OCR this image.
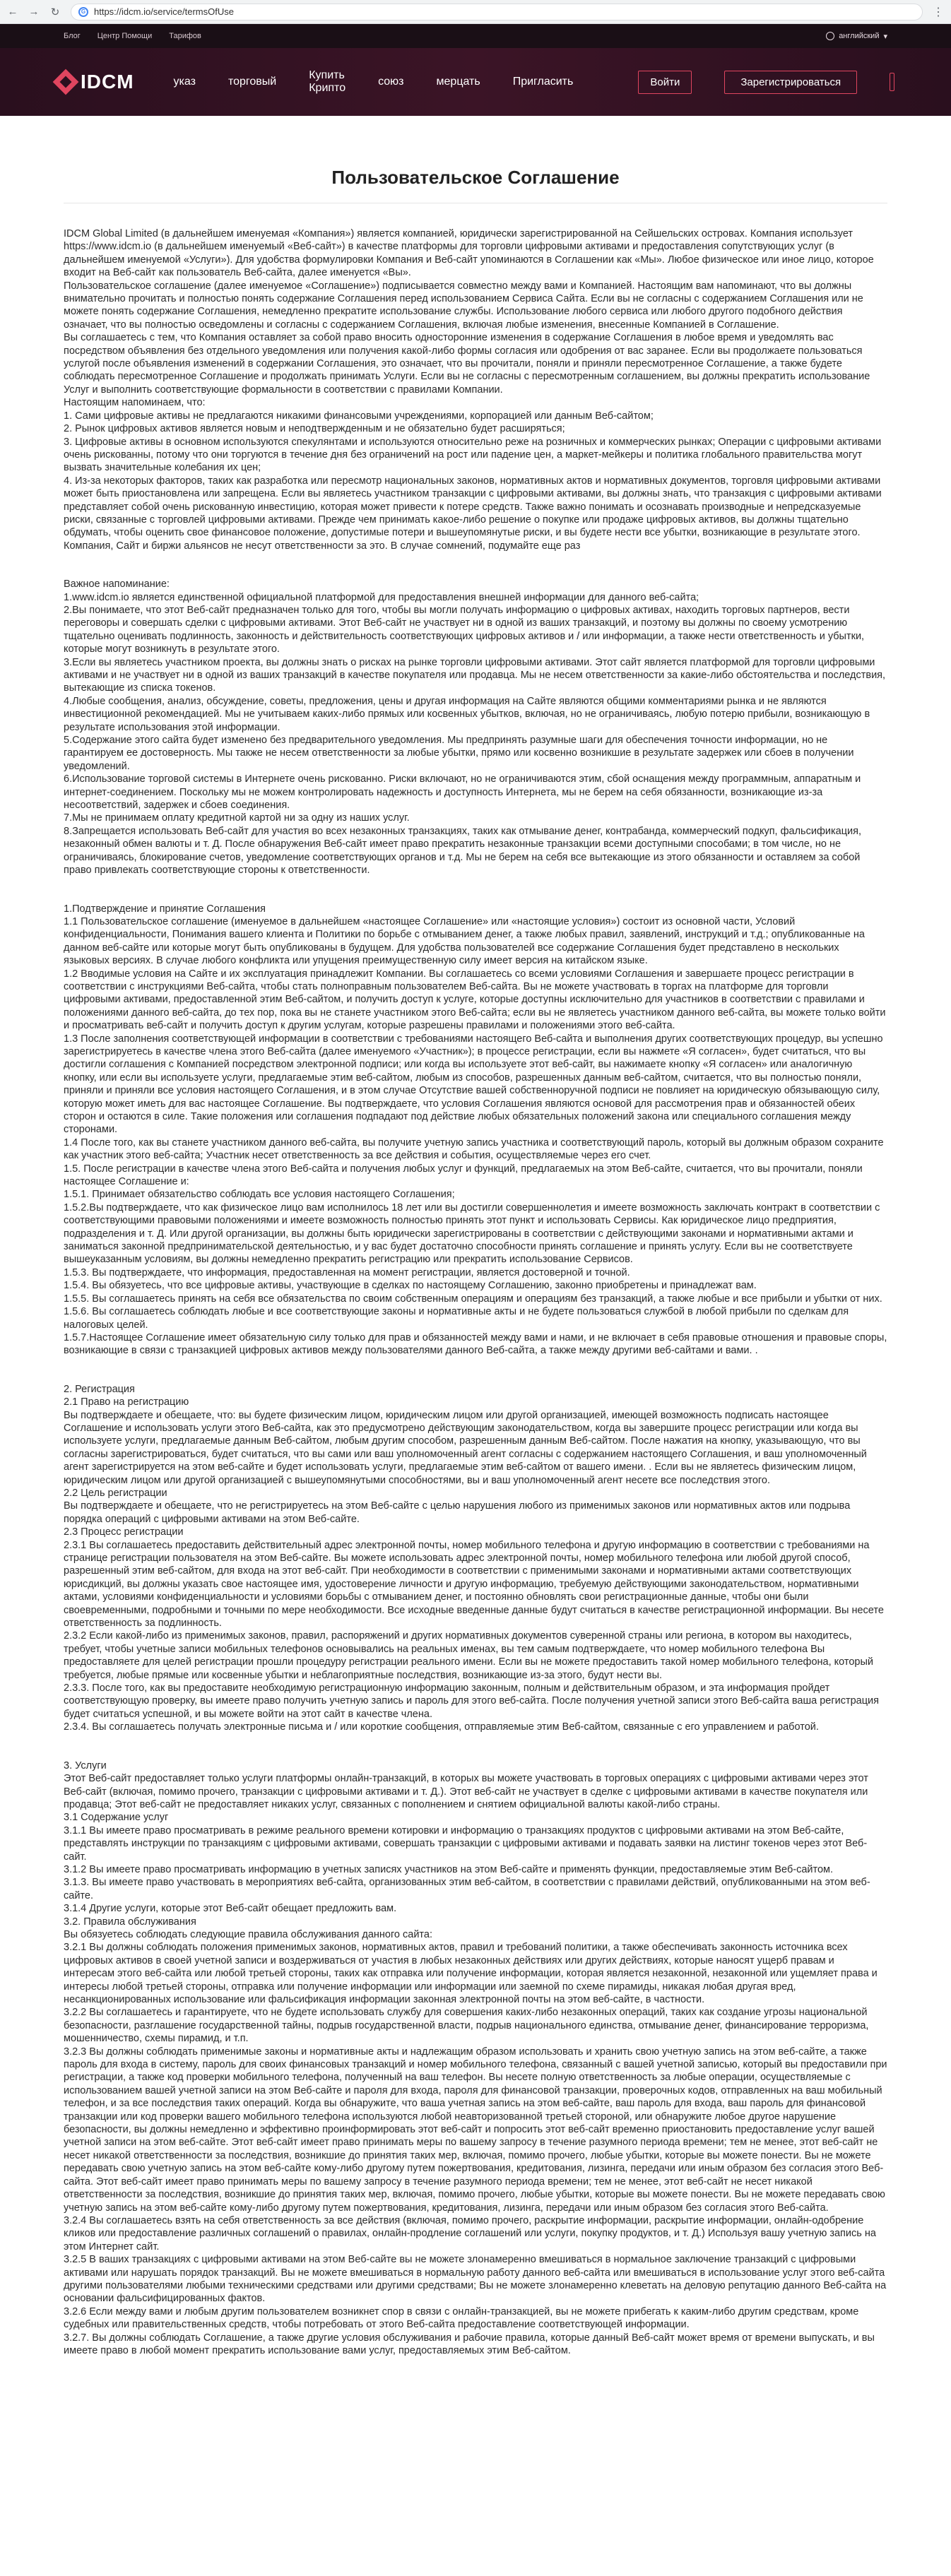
← → ↻	G https://idcm.io/service/termsOfUse	⋮
Блог Центр Помощи Тарифов	английский ▾
IDCM	указ	торговый
Купить Крипто
союз	мерцать	Пригласить	Войти	Зарегистрироваться
Пользовательское Соглашение

IDCM Global Limited (в дальнейшем именуемая «Компания») является компанией, юридически зарегистрированной на Сейшельских островах. Компания использует https://www.idcm.io (в дальнейшем именуемый «Веб-сайт») в качестве платформы для торговли цифровыми активами и предоставления сопутствующих услуг (в дальнейшем именуемой «Услуги»). Для удобства формулировки Компания и Веб-сайт упоминаются в Соглашении как «Мы». Любое физическое или иное лицо, которое входит на Веб-сайт как пользователь Веб-сайта, далее именуется «Вы».

Пользовательское соглашение (далее именуемое «Соглашение») подписывается совместно между вами и Компанией. Настоящим вам напоминают, что вы должны внимательно прочитать и полностью понять содержание Соглашения перед использованием Сервиса Сайта. Если вы не согласны с содержанием Соглашения или не можете понять содержание Соглашения, немедленно прекратите использование службы. Использование любого сервиса или любого другого подобного действия означает, что вы полностью осведомлены и согласны с содержанием Соглашения, включая любые изменения, внесенные Компанией в Соглашение.

Вы соглашаетесь с тем, что Компания оставляет за собой право вносить односторонние изменения в содержание Соглашения в любое время и уведомлять вас посредством объявления без отдельного уведомления или получения какой-либо формы согласия или одобрения от вас заранее. Если вы продолжаете пользоваться услугой после объявления изменений в содержании Соглашения, это означает, что вы прочитали, поняли и приняли пересмотренное Соглашение, а также будете соблюдать пересмотренное Соглашение и продолжать принимать Услуги. Если вы не согласны с пересмотренным соглашением, вы должны прекратить использование Услуг и выполнить соответствующие формальности в соответствии с правилами Компании.

Настоящим напоминаем, что:

1. Сами цифровые активы не предлагаются никакими финансовыми учреждениями, корпорацией или данным Веб-сайтом;

2. Рынок цифровых активов является новым и неподтвержденным и не обязательно будет расширяться;

3. Цифровые активы в основном используются спекулянтами и используются относительно реже на розничных и коммерческих рынках; Операции с цифровыми активами очень рискованны, потому что они торгуются в течение дня без ограничений на рост или падение цен, а маркет-мейкеры и политика глобального правительства могут вызвать значительные колебания их цен;

4. Из-за некоторых факторов, таких как разработка или пересмотр национальных законов, нормативных актов и нормативных документов, торговля цифровыми активами может быть приостановлена или запрещена. Если вы являетесь участником транзакции с цифровыми активами, вы должны знать, что транзакция с цифровыми активами представляет собой очень рискованную инвестицию, которая может привести к потере средств. Также важно понимать и осознавать производные и непредсказуемые риски, связанные с торговлей цифровыми активами. Прежде чем принимать какое-либо решение о покупке или продаже цифровых активов, вы должны тщательно обдумать, чтобы оценить свое финансовое положение, допустимые потери и вышеупомянутые риски, и вы будете нести все убытки, возникающие в результате этого. Компания, Сайт и биржи альянсов не несут ответственности за это. В случае сомнений, подумайте еще раз

Важное напоминание:

1.www.idcm.io является единственной официальной платформой для предоставления внешней информации для данного веб-сайта;

2.Вы понимаете, что этот Веб-сайт предназначен только для того, чтобы вы могли получать информацию о цифровых активах, находить торговых партнеров, вести переговоры и совершать сделки с цифровыми активами. Этот Веб-сайт не участвует ни в одной из ваших транзакций, и поэтому вы должны по своему усмотрению тщательно оценивать подлинность, законность и действительность соответствующих цифровых активов и / или информации, а также нести ответственность и убытки, которые могут возникнуть в результате этого.

3.Если вы являетесь участником проекта, вы должны знать о рисках на рынке торговли цифровыми активами. Этот сайт является платформой для торговли цифровыми активами и не участвует ни в одной из ваших транзакций в качестве покупателя или продавца. Мы не несем ответственности за какие-либо обстоятельства и последствия, вытекающие из списка токенов.

4.Любые сообщения, анализ, обсуждение, советы, предложения, цены и другая информация на Сайте являются общими комментариями рынка и не являются инвестиционной рекомендацией. Мы не учитываем каких-либо прямых или косвенных убытков, включая, но не ограничиваясь, любую потерю прибыли, возникающую в результате использования этой информации.

5.Содержание этого сайта будет изменено без предварительного уведомления. Мы предпринять разумные шаги для обеспечения точности информации, но не гарантируем ее достоверность. Мы также не несем ответственности за любые убытки, прямо или косвенно возникшие в результате задержек или сбоев в получении уведомлений.

6.Использование торговой системы в Интернете очень рискованно. Риски включают, но не ограничиваются этим, сбой оснащения между программным, аппаратным и интернет-соединением. Поскольку мы не можем контролировать надежность и доступность Интернета, мы не берем на себя обязанности, возникающие из-за несоответствий, задержек и сбоев соединения.

7.Мы не принимаем оплату кредитной картой ни за одну из наших услуг.

8.Запрещается использовать Веб-сайт для участия во всех незаконных транзакциях, таких как отмывание денег, контрабанда, коммерческий подкуп, фальсификация, незаконный обмен валюты и т. Д. После обнаружения Веб-сайт имеет право прекратить незаконные транзакции всеми доступными способами; в том числе, но не ограничиваясь, блокирование счетов, уведомление соответствующих органов и т.д. Мы не берем на себя все вытекающие из этого обязанности и оставляем за собой право привлекать соответствующие стороны к ответственности.

1.Подтверждение и принятие Соглашения

1.1 Пользовательское соглашение (именуемое в дальнейшем «настоящее Соглашение» или «настоящие условия») состоит из основной части, Условий конфиденциальности, Понимания вашего клиента и Политики по борьбе с отмыванием денег, а также любых правил, заявлений, инструкций и т.д.; опубликованные на данном веб-сайте или которые могут быть опубликованы в будущем. Для удобства пользователей все содержание Соглашения будет представлено в нескольких языковых версиях. В случае любого конфликта или упущения преимущественную силу имеет версия на китайском языке.

1.2 Вводимые условия на Сайте и их эксплуатация принадлежит Компании. Вы соглашаетесь со всеми условиями Соглашения и завершаете процесс регистрации в соответствии с инструкциями Веб-сайта, чтобы стать полноправным пользователем Веб-сайта. Вы не можете участвовать в торгах на платформе для торговли цифровыми активами, предоставленной этим Веб-сайтом, и получить доступ к услуге, которые доступны исключительно для участников в соответствии с правилами и положениями данного веб-сайта, до тех пор, пока вы не станете участником этого Веб-сайта; если вы не являетесь участником данного веб-сайта, вы можете только войти и просматривать веб-сайт и получить доступ к другим услугам, которые разрешены правилами и положениями этого веб-сайта.

1.3 После заполнения соответствующей информации в соответствии с требованиями настоящего Веб-сайта и выполнения других соответствующих процедур, вы успешно зарегистрируетесь в качестве члена этого Веб-сайта (далее именуемого «Участник»); в процессе регистрации, если вы нажмете «Я согласен», будет считаться, что вы достигли соглашения с Компанией посредством электронной подписи; или когда вы используете этот веб-сайт, вы нажимаете кнопку «Я согласен» или аналогичную кнопку, или если вы используете услуги, предлагаемые этим веб-сайтом, любым из способов, разрешенных данным веб-сайтом, считается, что вы полностью поняли, приняли и приняли все условия настоящего Соглашения, и в этом случае Отсутствие вашей собственноручной подписи не повлияет на юридическую обязывающую силу, которую может иметь для вас настоящее Соглашение. Вы подтверждаете, что условия Соглашения являются основой для рассмотрения прав и обязанностей обеих сторон и остаются в силе. Такие положения или соглашения подпадают под действие любых обязательных положений закона или специального соглашения между сторонами.

1.4 После того, как вы станете участником данного веб-сайта, вы получите учетную запись участника и соответствующий пароль, который вы должным образом сохраните как участник этого веб-сайта; Участник несет ответственность за все действия и события, осуществляемые через его счет.

1.5. После регистрации в качестве члена этого Веб-сайта и получения любых услуг и функций, предлагаемых на этом Веб-сайте, считается, что вы прочитали, поняли настоящее Соглашение и:

1.5.1. Принимает обязательство соблюдать все условия настоящего Соглашения;

1.5.2.Вы подтверждаете, что как физическое лицо вам исполнилось 18 лет или вы достигли совершеннолетия и имеете возможность заключать контракт в соответствии с соответствующими правовыми положениями и имеете возможность полностью принять этот пункт и использовать Сервисы. Как юридическое лицо предприятия, подразделения и т. Д. Или другой организации, вы должны быть юридически зарегистрированы в соответствии с действующими законами и нормативными актами и заниматься законной предпринимательской деятельностью, и у вас будет достаточно способности принять соглашение и принять услугу. Если вы не соответствуете вышеуказанным условиям, вы должны немедленно прекратить регистрацию или прекратить использование Сервисов.

1.5.3. Вы подтверждаете, что информация, предоставленная на момент регистрации, является достоверной и точной.

1.5.4. Вы обязуетесь, что все цифровые активы, участвующие в сделках по настоящему Соглашению, законно приобретены и принадлежат вам.

1.5.5. Вы соглашаетесь принять на себя все обязательства по своим собственным операциям и операциям без транзакций, а также любые и все прибыли и убытки от них.

1.5.6. Вы соглашаетесь соблюдать любые и все соответствующие законы и нормативные акты и не будете пользоваться службой в любой прибыли по сделкам для налоговых целей.

1.5.7.Настоящее Соглашение имеет обязательную силу только для прав и обязанностей между вами и нами, и не включает в себя правовые отношения и правовые споры, возникающие в связи с транзакцией цифровых активов между пользователями данного Веб-сайта, а также между другими веб-сайтами и вами. .

2. Регистрация

2.1 Право на регистрацию

Вы подтверждаете и обещаете, что: вы будете физическим лицом, юридическим лицом или другой организацией, имеющей возможность подписать настоящее Соглашение и использовать услуги этого Веб-сайта, как это предусмотрено действующим законодательством, когда вы завершите процесс регистрации или когда вы используете услуги, предлагаемые данным Веб-сайтом, любым другим способом, разрешенным данным Веб-сайтом. После нажатия на кнопку, указывающую, что вы согласны зарегистрироваться, будет считаться, что вы сами или ваш уполномоченный агент согласны с содержанием настоящего Соглашения, и ваш уполномоченный агент зарегистрируется на этом веб-сайте и будет использовать услуги, предлагаемые этим веб-сайтом от вашего имени. . Если вы не являетесь физическим лицом, юридическим лицом или другой организацией с вышеупомянутыми способностями, вы и ваш уполномоченный агент несете все последствия этого.

2.2 Цель регистрации

Вы подтверждаете и обещаете, что не регистрируетесь на этом Веб-сайте с целью нарушения любого из применимых законов или нормативных актов или подрыва порядка операций с цифровыми активами на этом Веб-сайте.

2.3 Процесс регистрации

2.3.1 Вы соглашаетесь предоставить действительный адрес электронной почты, номер мобильного телефона и другую информацию в соответствии с требованиями на странице регистрации пользователя на этом Веб-сайте. Вы можете использовать адрес электронной почты, номер мобильного телефона или любой другой способ, разрешенный этим веб-сайтом, для входа на этот веб-сайт. При необходимости в соответствии с применимыми законами и нормативными актами соответствующих юрисдикций, вы должны указать свое настоящее имя, удостоверение личности и другую информацию, требуемую действующими законодательством, нормативными актами, условиями конфиденциальности и условиями борьбы с отмыванием денег, и постоянно обновлять свои регистрационные данные, чтобы они были своевременными, подробными и точными по мере необходимости. Все исходные введенные данные будут считаться в качестве регистрационной информации. Вы несете ответственность за подлинность.

2.3.2 Если какой-либо из применимых законов, правил, распоряжений и других нормативных документов суверенной страны или региона, в котором вы находитесь, требует, чтобы учетные записи мобильных телефонов основывались на реальных именах, вы тем самым подтверждаете, что номер мобильного телефона Вы предоставляете для целей регистрации прошли процедуру регистрации реального имени. Если вы не можете предоставить такой номер мобильного телефона, который требуется, любые прямые или косвенные убытки и неблагоприятные последствия, возникающие из-за этого, будут нести вы.

2.3.3. После того, как вы предоставите необходимую регистрационную информацию законным, полным и действительным образом, и эта информация пройдет соответствующую проверку, вы имеете право получить учетную запись и пароль для этого веб-сайта. После получения учетной записи этого Веб-сайта ваша регистрация будет считаться успешной, и вы можете войти на этот сайт в качестве члена.

2.3.4. Вы соглашаетесь получать электронные письма и / или короткие сообщения, отправляемые этим Веб-сайтом, связанные с его управлением и работой.

3. Услуги

Этот Веб-сайт предоставляет только услуги платформы онлайн-транзакций, в которых вы можете участвовать в торговых операциях с цифровыми активами через этот Веб-сайт (включая, помимо прочего, транзакции с цифровыми активами и т. Д.). Этот веб-сайт не участвует в сделке с цифровыми активами в качестве покупателя или продавца; Этот веб-сайт не предоставляет никаких услуг, связанных с пополнением и снятием официальной валюты какой-либо страны.

3.1 Содержание услуг

3.1.1 Вы имеете право просматривать в режиме реального времени котировки и информацию о транзакциях продуктов с цифровыми активами на этом Веб-сайте, представлять инструкции по транзакциям с цифровыми активами, совершать транзакции с цифровыми активами и подавать заявки на листинг токенов через этот Веб-сайт.

3.1.2 Вы имеете право просматривать информацию в учетных записях участников на этом Веб-сайте и применять функции, предоставляемые этим Веб-сайтом.

3.1.3. Вы имеете право участвовать в мероприятиях веб-сайта, организованных этим веб-сайтом, в соответствии с правилами действий, опубликованными на этом веб-сайте.

3.1.4 Другие услуги, которые этот Веб-сайт обещает предложить вам.

3.2. Правила обслуживания

Вы обязуетесь соблюдать следующие правила обслуживания данного сайта:

3.2.1 Вы должны соблюдать положения применимых законов, нормативных актов, правил и требований политики, а также обеспечивать законность источника всех цифровых активов в своей учетной записи и воздерживаться от участия в любых незаконных действиях или других действиях, которые наносят ущерб правам и интересам этого веб-сайта или любой третьей стороны, таких как отправка или получение информации, которая является незаконной, незаконной или ущемляет права и интересы любой третьей стороны, отправка или получение информации или информации или заемной по схеме пирамиды, никакая любая другая вред, несанкционированных использование или фальсификация информации законная электронной почты на этом веб-сайте, в частности.

3.2.2 Вы соглашаетесь и гарантируете, что не будете использовать службу для совершения каких-либо незаконных операций, таких как создание угрозы национальной безопасности, разглашение государственной тайны, подрыв государственной власти, подрыв национального единства, отмывание денег, финансирование терроризма, мошенничество, схемы пирамид, и т.п.

3.2.3 Вы должны соблюдать применимые законы и нормативные акты и надлежащим образом использовать и хранить свою учетную запись на этом веб-сайте, а также пароль для входа в систему, пароль для своих финансовых транзакций и номер мобильного телефона, связанный с вашей учетной записью, который вы предоставили при регистрации, а также код проверки мобильного телефона, полученный на ваш телефон. Вы несете полную ответственность за любые операции, осуществляемые с использованием вашей учетной записи на этом Веб-сайте и пароля для входа, пароля для финансовой транзакции, проверочных кодов, отправленных на ваш мобильный телефон, и за все последствия таких операций. Когда вы обнаружите, что ваша учетная запись на этом веб-сайте, ваш пароль для входа, ваш пароль для финансовой транзакции или код проверки вашего мобильного телефона используются любой неавторизованной третьей стороной, или обнаружите любое другое нарушение безопасности, вы должны немедленно и эффективно проинформировать этот веб-сайт и попросить этот веб-сайт временно приостановить предоставление услуг вашей учетной записи на этом веб-сайте. Этот веб-сайт имеет право принимать меры по вашему запросу в течение разумного периода времени; тем не менее, этот веб-сайт не несет никакой ответственности за последствия, возникшие до принятия таких мер, включая, помимо прочего, любые убытки, которые вы можете понести. Вы не можете передавать свою учетную запись на этом веб-сайте кому-либо другому путем пожертвования, кредитования, лизинга, передачи или иным образом без согласия этого Веб-сайта. Этот веб-сайт имеет право принимать меры по вашему запросу в течение разумного периода времени; тем не менее, этот веб-сайт не несет никакой ответственности за последствия, возникшие до принятия таких мер, включая, помимо прочего, любые убытки, которые вы можете понести. Вы не можете передавать свою учетную запись на этом веб-сайте кому-либо другому путем пожертвования, кредитования, лизинга, передачи или иным образом без согласия этого Веб-сайта.

3.2.4 Вы соглашаетесь взять на себя ответственность за все действия (включая, помимо прочего, раскрытие информации, раскрытие информации, онлайн-одобрение кликов или предоставление различных соглашений о правилах, онлайн-продление соглашений или услуги, покупку продуктов, и т. Д.) Используя вашу учетную запись на этом Интернет сайт.

3.2.5 В ваших транзакциях с цифровыми активами на этом Веб-сайте вы не можете злонамеренно вмешиваться в нормальное заключение транзакций с цифровыми активами или нарушать порядок транзакций. Вы не можете вмешиваться в нормальную работу данного веб-сайта или вмешиваться в использование услуг этого веб-сайта другими пользователями любыми техническими средствами или другими средствами; Вы не можете злонамеренно клеветать на деловую репутацию данного Веб-сайта на основании фальсифицированных фактов.

3.2.6 Если между вами и любым другим пользователем возникнет спор в связи с онлайн-транзакцией, вы не можете прибегать к каким-либо другим средствам, кроме судебных или правительственных средств, чтобы потребовать от этого Веб-сайта предоставление соответствующей информации.

3.2.7. Вы должны соблюдать Соглашение, а также другие условия обслуживания и рабочие правила, которые данный Веб-сайт может время от времени выпускать, и вы имеете право в любой момент прекратить использование вами услуг, предоставляемых этим Веб-сайтом.
